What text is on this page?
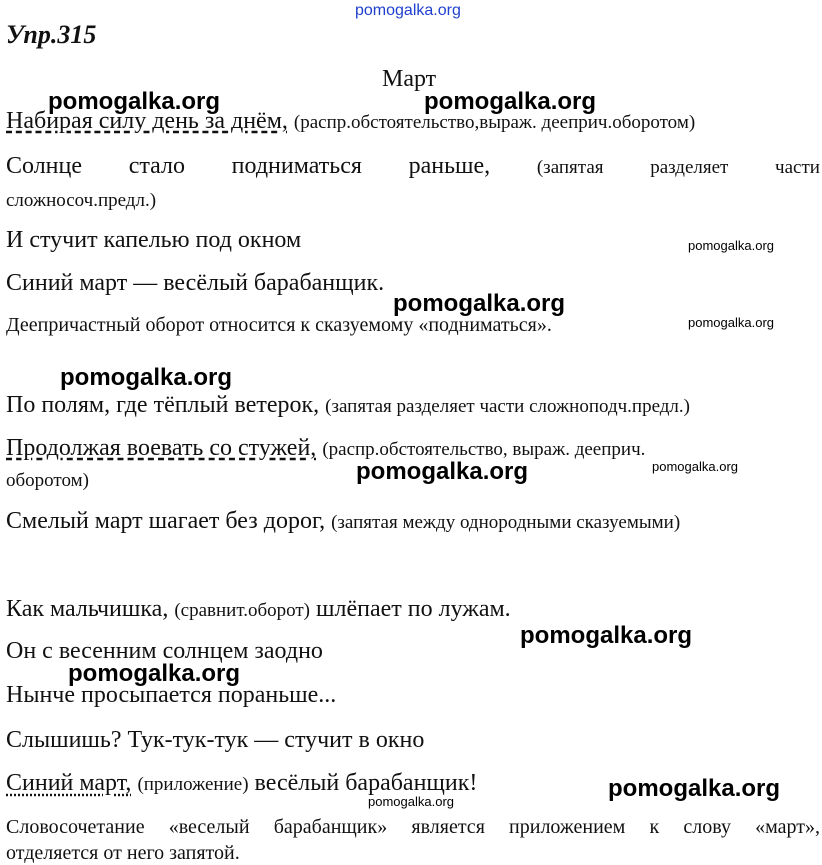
pomogalka.org
Упр.315
Март
Набирая силу день за днём, (распр.обстоятельство,выраж. дееприч.оборотом)
Солнце стало подниматься раньше, (запятая разделяет части
сложносоч.предл.)
И стучит капелью под окном
Синий март — весёлый барабанщик.
Деепричастный оборот относится к сказуемому «подниматься».
По полям, где тёплый ветерок, (запятая разделяет части сложноподч.предл.)
Продолжая воевать со стужей, (распр.обстоятельство, выраж. дееприч.
оборотом)
Смелый март шагает без дорог, (запятая между однородными сказуемыми)
Как мальчишка, (сравнит.оборот) шлёпает по лужам.
Он с весенним солнцем заодно
Нынче просыпается пораньше...
Слышишь? Тук-тук-тук — стучит в окно
Синий март, (приложение) весёлый барабанщик!
Словосочетание «веселый барабанщик» является приложением к слову «март»,
отделяется от него запятой.
pomogalka.org	pomogalka.org
pomogalka.org
pomogalka.org
pomogalka.org
pomogalka.org
pomogalka.org	pomogalka.org
pomogalka.org
pomogalka.org
pomogalka.org
pomogalka.org
